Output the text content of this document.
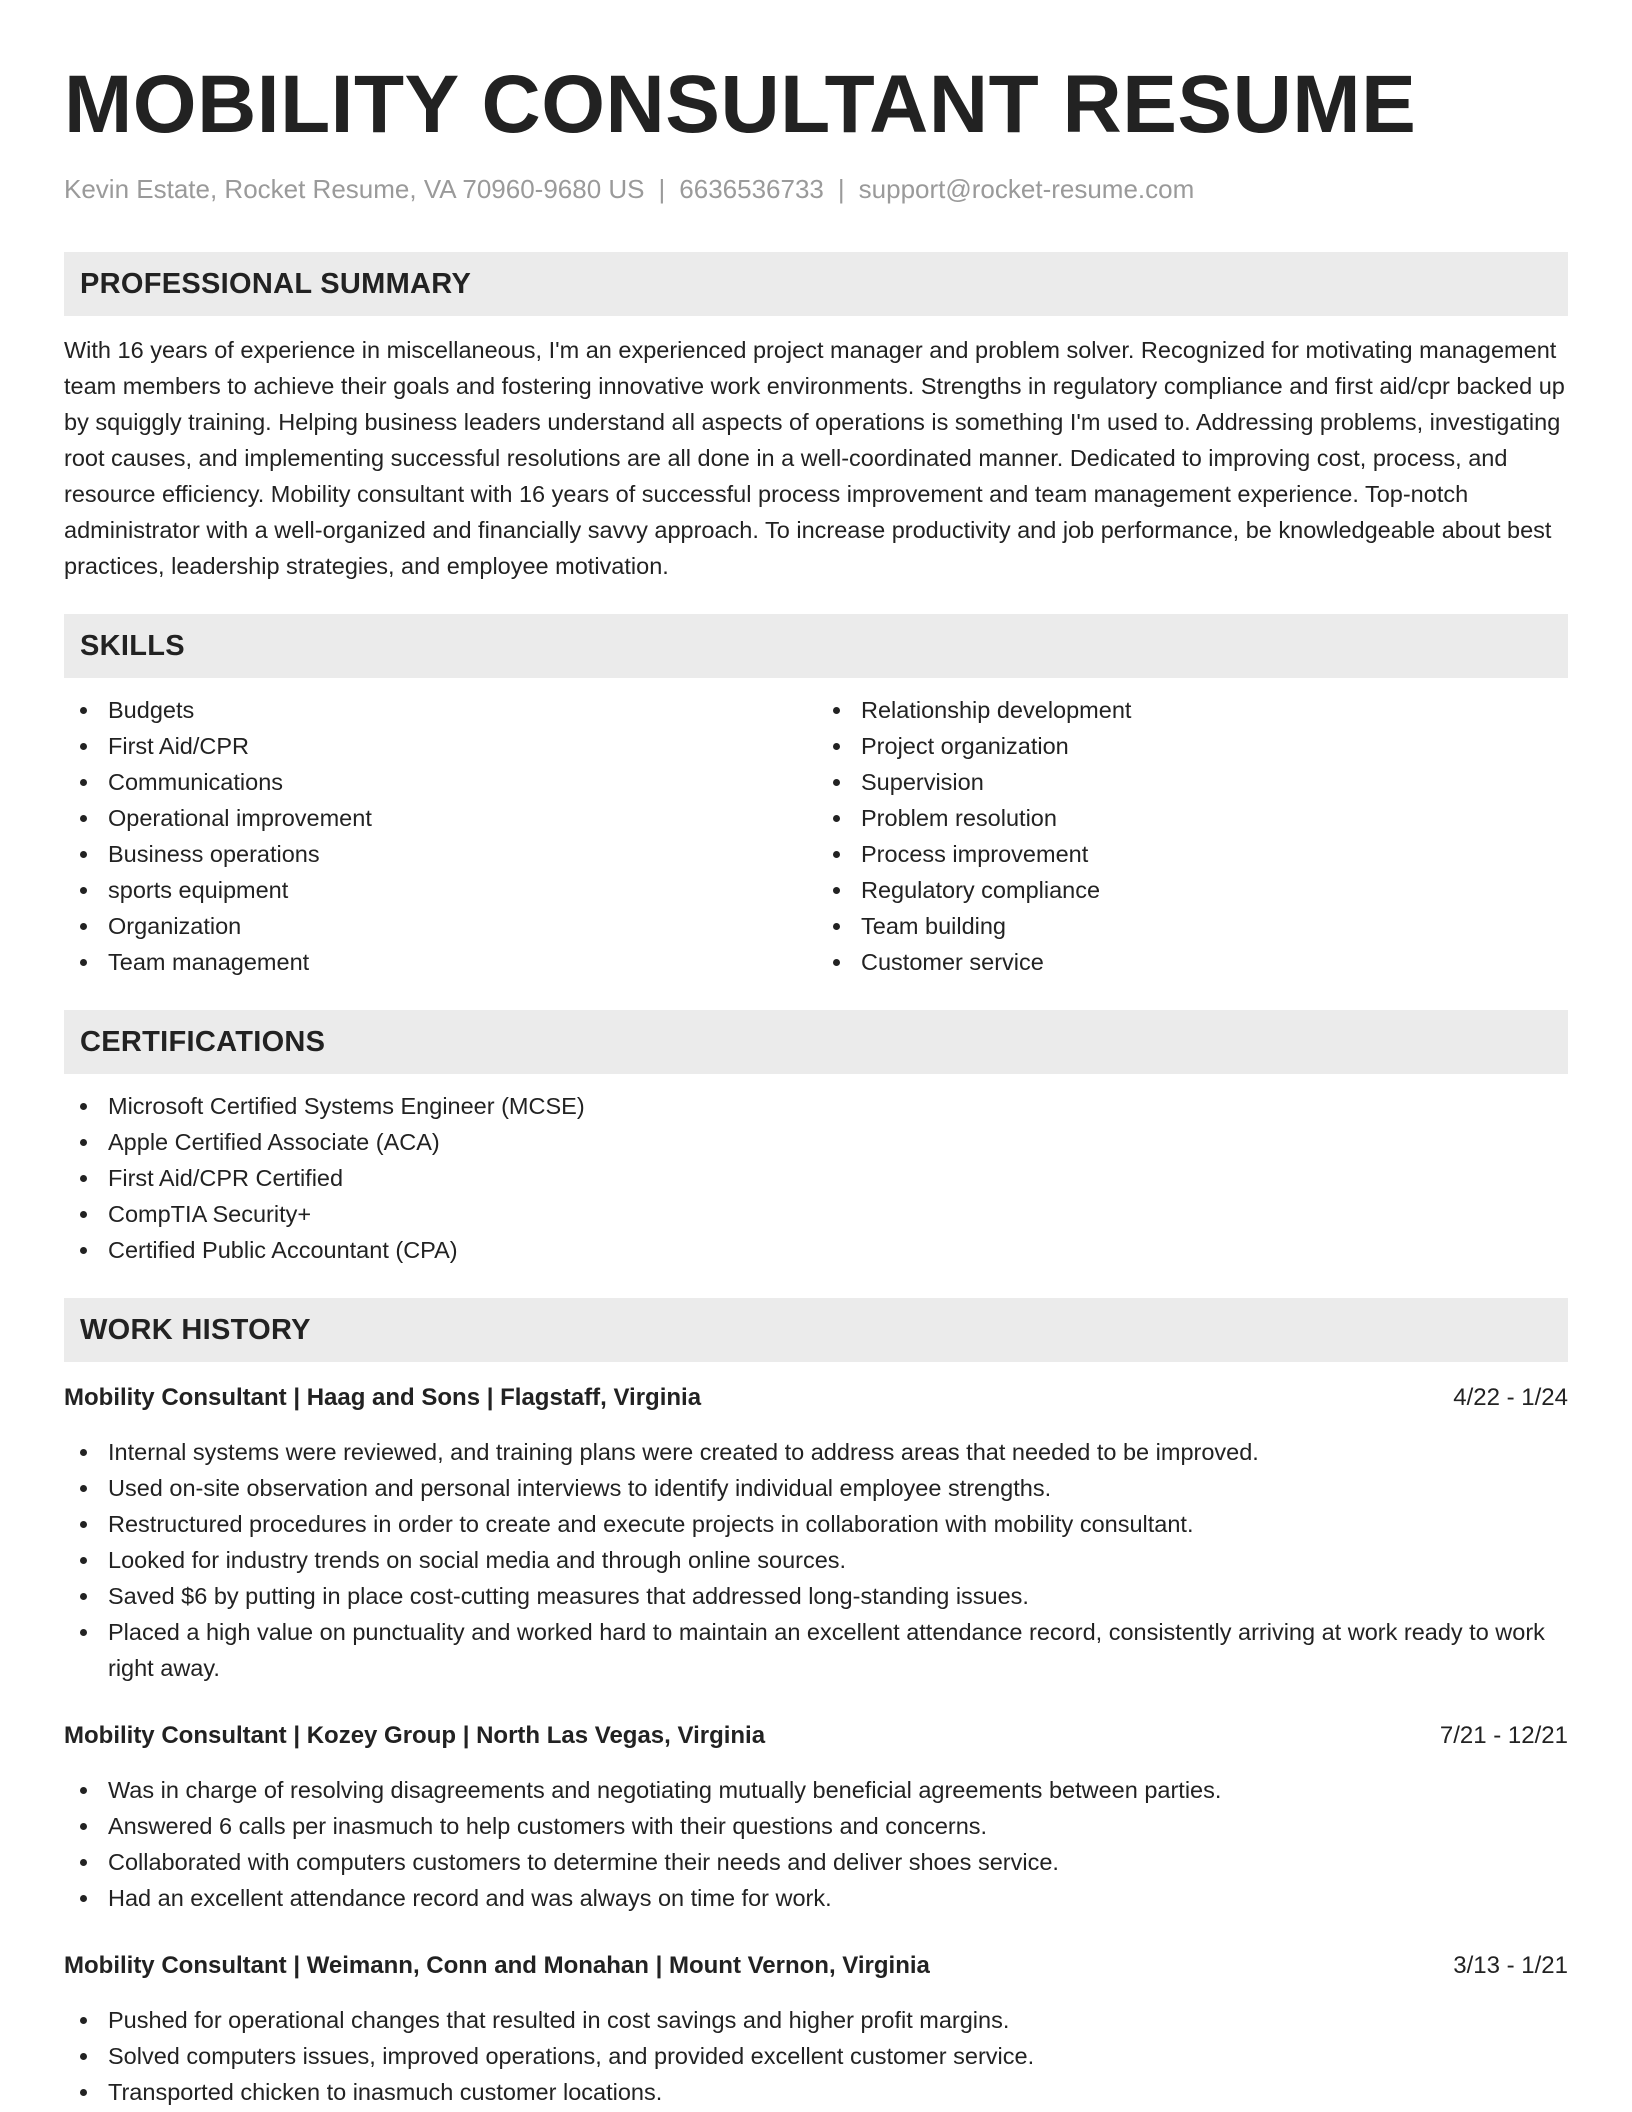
MOBILITY CONSULTANT RESUME
Kevin Estate, Rocket Resume, VA 70960-9680 US | 6636536733 | support@rocket-resume.com
PROFESSIONAL SUMMARY

With 16 years of experience in miscellaneous, I'm an experienced project manager and problem solver. Recognized for motivating management team members to achieve their goals and fostering innovative work environments. Strengths in regulatory compliance and first aid/cpr backed up by squiggly training. Helping business leaders understand all aspects of operations is something I'm used to. Addressing problems, investigating root causes, and implementing successful resolutions are all done in a well-coordinated manner. Dedicated to improving cost, process, and resource efficiency. Mobility consultant with 16 years of successful process improvement and team management experience. Top-notch administrator with a well-organized and financially savvy approach. To increase productivity and job performance, be knowledgeable about best practices, leadership strategies, and employee motivation.

SKILLS
Budgets
First Aid/CPR
Communications
Operational improvement
Business operations
sports equipment
Organization
Team management
Relationship development
Project organization
Supervision
Problem resolution
Process improvement
Regulatory compliance
Team building
Customer service
CERTIFICATIONS
Microsoft Certified Systems Engineer (MCSE)
Apple Certified Associate (ACA)
First Aid/CPR Certified
CompTIA Security+
Certified Public Accountant (CPA)
WORK HISTORY
Mobility Consultant | Haag and Sons | Flagstaff, Virginia	4/22 - 1/24
Internal systems were reviewed, and training plans were created to address areas that needed to be improved.
Used on-site observation and personal interviews to identify individual employee strengths.
Restructured procedures in order to create and execute projects in collaboration with mobility consultant.
Looked for industry trends on social media and through online sources.
Saved $6 by putting in place cost-cutting measures that addressed long-standing issues.
Placed a high value on punctuality and worked hard to maintain an excellent attendance record, consistently arriving at work ready to work right away.
Mobility Consultant | Kozey Group | North Las Vegas, Virginia	7/21 - 12/21
Was in charge of resolving disagreements and negotiating mutually beneficial agreements between parties.
Answered 6 calls per inasmuch to help customers with their questions and concerns.
Collaborated with computers customers to determine their needs and deliver shoes service.
Had an excellent attendance record and was always on time for work.
Mobility Consultant | Weimann, Conn and Monahan | Mount Vernon, Virginia	3/13 - 1/21
Pushed for operational changes that resulted in cost savings and higher profit margins.
Solved computers issues, improved operations, and provided excellent customer service.
Transported chicken to inasmuch customer locations.
